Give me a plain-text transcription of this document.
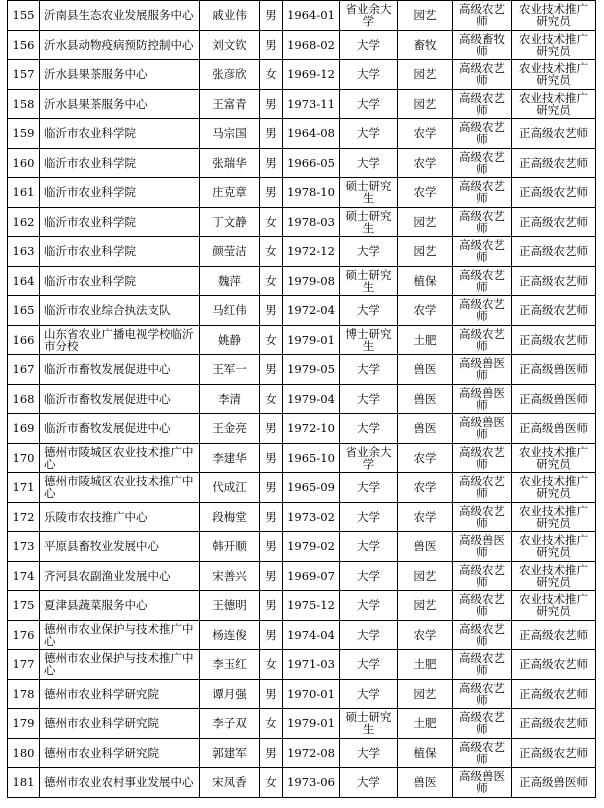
155	沂南县生态农业发展服务中心	戚业伟	男	1964-01	省业余大学	园艺	高级农艺师	农业技术推广研究员
156	沂水县动物疫病预防控制中心	刘文钦	男	1968-02	大学	畜牧	高级畜牧师	农业技术推广研究员
157	沂水县果茶服务中心	张彦欣	女	1969-12	大学	园艺	高级农艺师	农业技术推广研究员
158	沂水县果茶服务中心	王富青	男	1973-11	大学	园艺	高级农艺师	农业技术推广研究员
159	临沂市农业科学院	马宗国	男	1964-08	大学	农学	高级农艺师	正高级农艺师
160	临沂市农业科学院	张瑞华	男	1966-05	大学	农学	高级农艺师	正高级农艺师
161	临沂市农业科学院	庄克章	男	1978-10	硕士研究生	农学	高级农艺师	正高级农艺师
162	临沂市农业科学院	丁文静	女	1978-03	硕士研究生	园艺	高级农艺师	正高级农艺师
163	临沂市农业科学院	颜莹洁	女	1972-12	大学	园艺	高级农艺师	正高级农艺师
164	临沂市农业科学院	魏萍	女	1979-08	硕士研究生	植保	高级农艺师	正高级农艺师
165	临沂市农业综合执法支队	马红伟	男	1972-04	大学	农学	高级农艺师	正高级农艺师
166	山东省农业广播电视学校临沂市分校	姚静	女	1979-01	博士研究生	土肥	高级农艺师	正高级农艺师
167	临沂市畜牧发展促进中心	王军一	男	1979-05	大学	兽医	高级兽医师	正高级兽医师
168	临沂市畜牧发展促进中心	李清	女	1979-04	大学	兽医	高级兽医师	正高级兽医师
169	临沂市畜牧发展促进中心	王金亮	男	1972-10	大学	兽医	高级兽医师	正高级兽医师
170	德州市陵城区农业技术推广中心	李建华	男	1965-10	省业余大学	农学	高级农艺师	农业技术推广研究员
171	德州市陵城区农业技术推广中心	代成江	男	1965-09	大学	农学	高级农艺师	农业技术推广研究员
172	乐陵市农技推广中心	段梅堂	男	1973-02	大学	农学	高级农艺师	农业技术推广研究员
173	平原县畜牧业发展中心	韩开顺	男	1979-02	大学	兽医	高级兽医师	农业技术推广研究员
174	齐河县农副渔业发展中心	宋善兴	男	1969-07	大学	园艺	高级农艺师	农业技术推广研究员
175	夏津县蔬菜服务中心	王德明	男	1975-12	大学	园艺	高级农艺师	农业技术推广研究员
176	德州市农业保护与技术推广中心	杨连俊	男	1974-04	大学	农学	高级农艺师	正高级农艺师
177	德州市农业保护与技术推广中心	李玉红	女	1971-03	大学	土肥	高级农艺师	正高级农艺师
178	德州市农业科学研究院	谭月强	男	1970-01	大学	园艺	高级农艺师	正高级农艺师
179	德州市农业科学研究院	李子双	女	1979-01	硕士研究生	土肥	高级农艺师	正高级农艺师
180	德州市农业科学研究院	郭建军	男	1972-08	大学	植保	高级农艺师	正高级农艺师
181	德州市农业农村事业发展中心	宋凤香	女	1973-06	大学	兽医	高级兽医师	正高级兽医师
